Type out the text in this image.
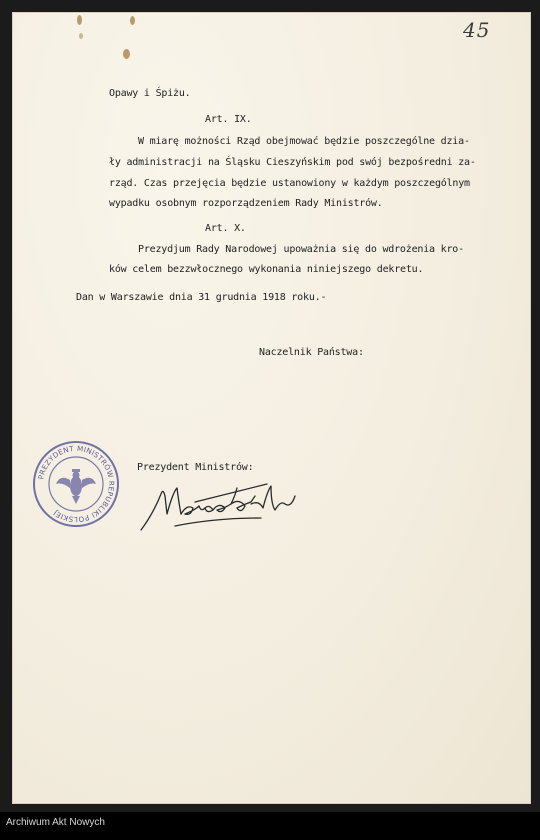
45
Opawy i Śpiżu.
Art. IX.
W miarę możności Rząd obejmować będzie poszczególne dzia-
ły administracji na Śląsku Cieszyńskim pod swój bezpośredni za-
rząd. Czas przejęcia będzie ustanowiony w każdym poszczególnym
wypadku osobnym rozporządzeniem Rady Ministrów.
Art. X.
Prezydjum Rady Narodowej upoważnia się do wdrożenia kro-
ków celem bezzwłocznego wykonania niniejszego dekretu.
Dan w Warszawie dnia 31 grudnia 1918 roku.-
Naczelnik Państwa:
Prezydent Ministrów:
PREZYDENT MINISTRÓW REPUBLIKI POLSKIEJ
Archiwum Akt Nowych
